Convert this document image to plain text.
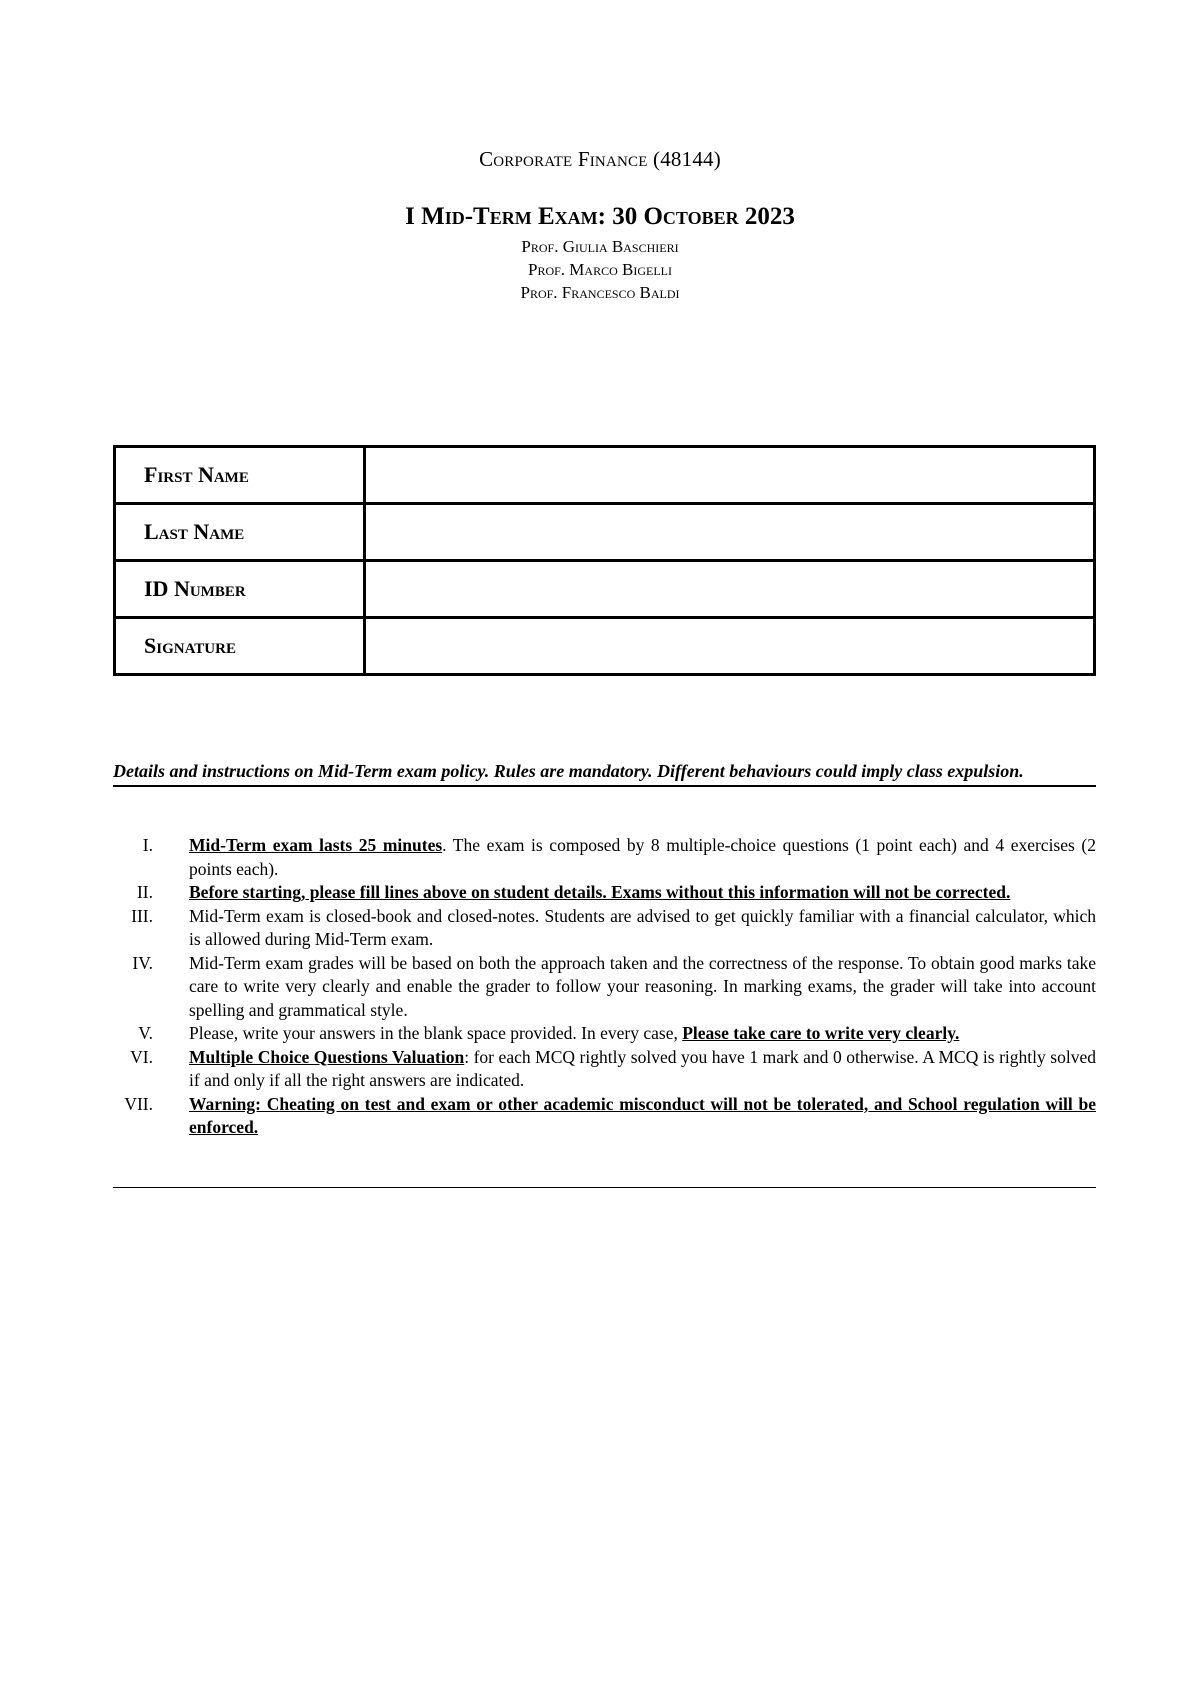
Corporate Finance (48144)
I Mid-Term Exam: 30 October 2023
Prof. Giulia Baschieri
Prof. Marco Bigelli
Prof. Francesco Baldi
First Name	
Last Name	
ID Number	
Signature	
Details and instructions on Mid-Term exam policy. Rules are mandatory. Different behaviours could imply class expulsion.
I. Mid-Term exam lasts 25 minutes. The exam is composed by 8 multiple-choice questions (1 point each) and 4 exercises (2 points each).
II. Before starting, please fill lines above on student details. Exams without this information will not be corrected.
III. Mid-Term exam is closed-book and closed-notes. Students are advised to get quickly familiar with a financial calculator, which is allowed during Mid-Term exam.
IV. Mid-Term exam grades will be based on both the approach taken and the correctness of the response. To obtain good marks take care to write very clearly and enable the grader to follow your reasoning. In marking exams, the grader will take into account spelling and grammatical style.
V. Please, write your answers in the blank space provided. In every case, Please take care to write very clearly.
VI. Multiple Choice Questions Valuation: for each MCQ rightly solved you have 1 mark and 0 otherwise. A MCQ is rightly solved if and only if all the right answers are indicated.
VII. Warning: Cheating on test and exam or other academic misconduct will not be tolerated, and School regulation will be enforced.
